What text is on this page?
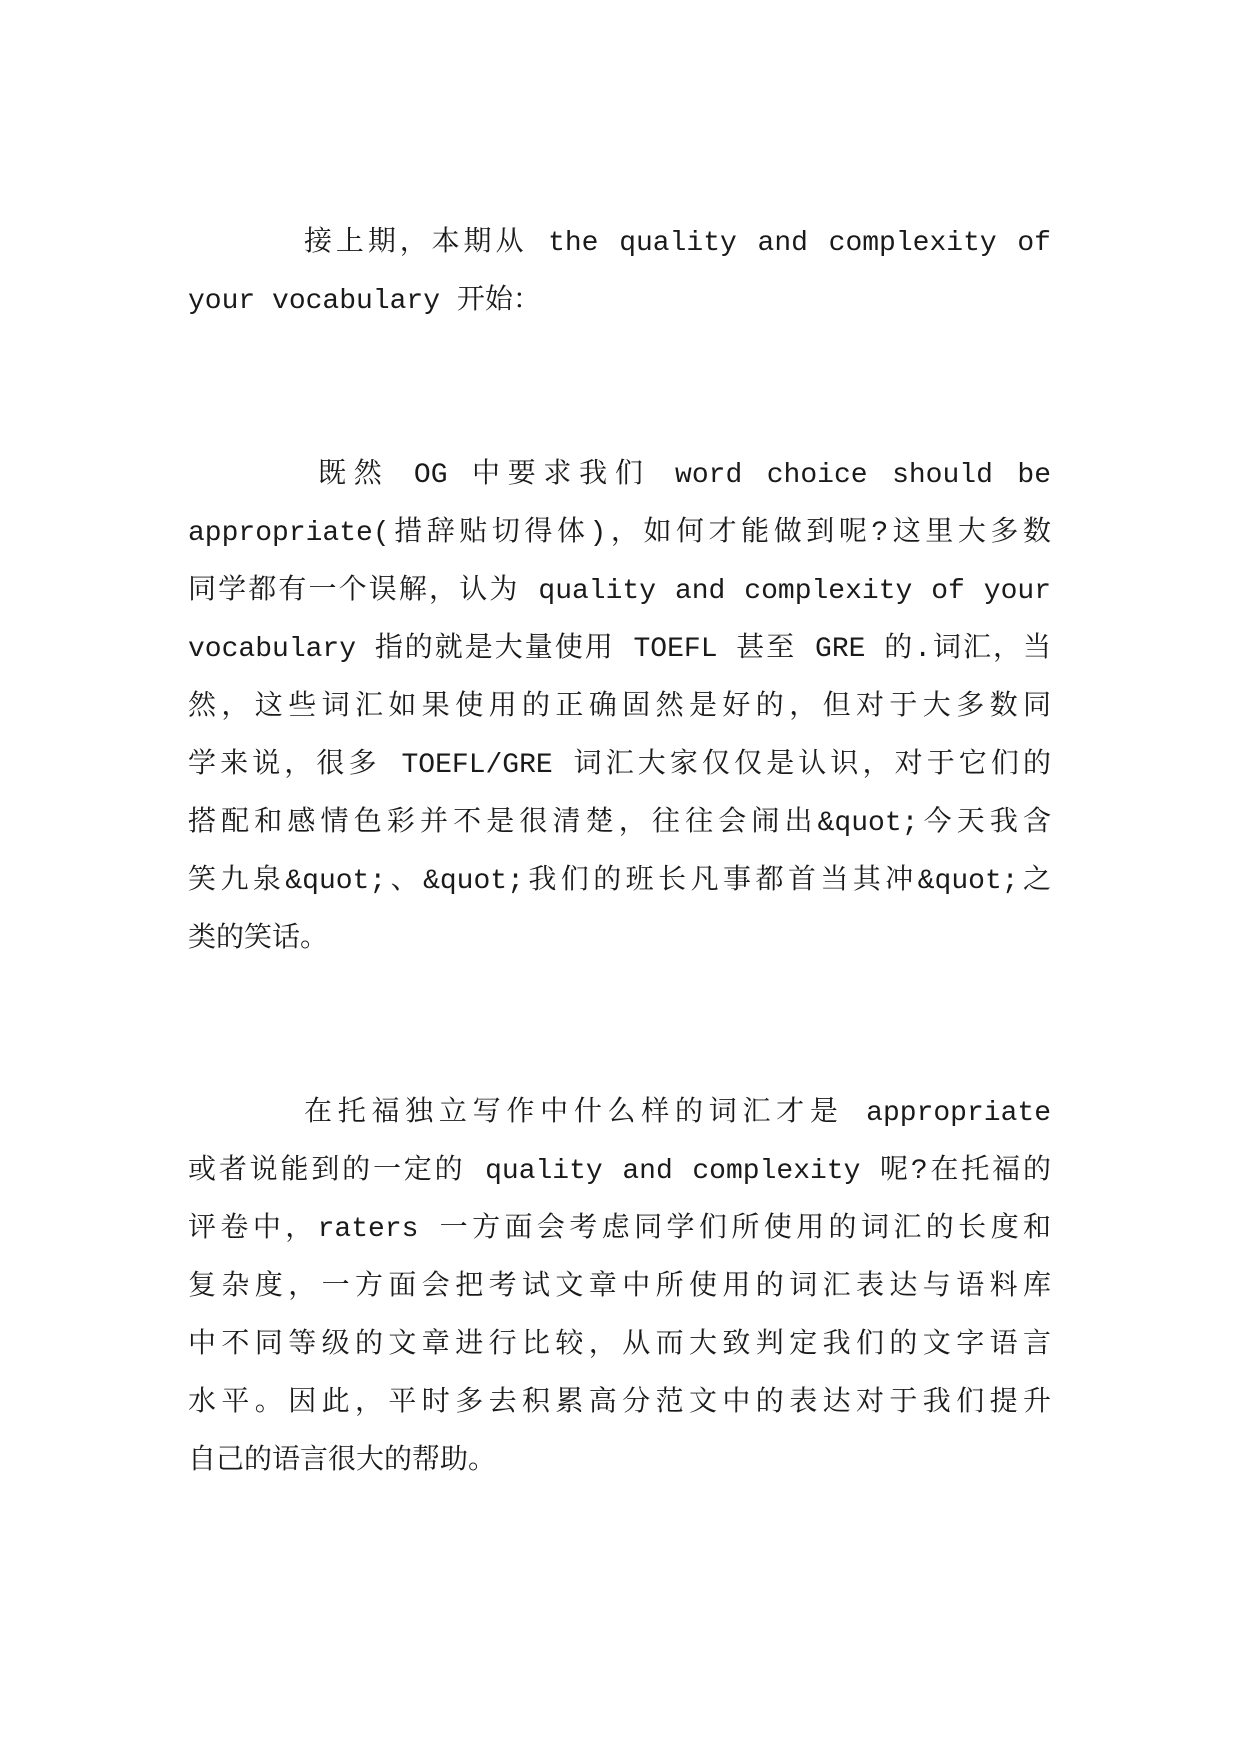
接上期，本期从 the quality and complexity of
your vocabulary 开始：
既然 OG 中要求我们 word choice should be
appropriate(措辞贴切得体)，如何才能做到呢?这里大多数
同学都有一个误解，认为 quality and complexity of your
vocabulary 指的就是大量使用 TOEFL 甚至 GRE 的.词汇，当
然，这些词汇如果使用的正确固然是好的，但对于大多数同
学来说，很多 TOEFL/GRE 词汇大家仅仅是认识，对于它们的
搭配和感情色彩并不是很清楚，往往会闹出&quot;今天我含
笑九泉&quot;、&quot;我们的班长凡事都首当其冲&quot;之
类的笑话。
在托福独立写作中什么样的词汇才是 appropriate
或者说能到的一定的 quality and complexity 呢?在托福的
评卷中，raters 一方面会考虑同学们所使用的词汇的长度和
复杂度，一方面会把考试文章中所使用的词汇表达与语料库
中不同等级的文章进行比较，从而大致判定我们的文字语言
水平。因此，平时多去积累高分范文中的表达对于我们提升
自己的语言很大的帮助。
